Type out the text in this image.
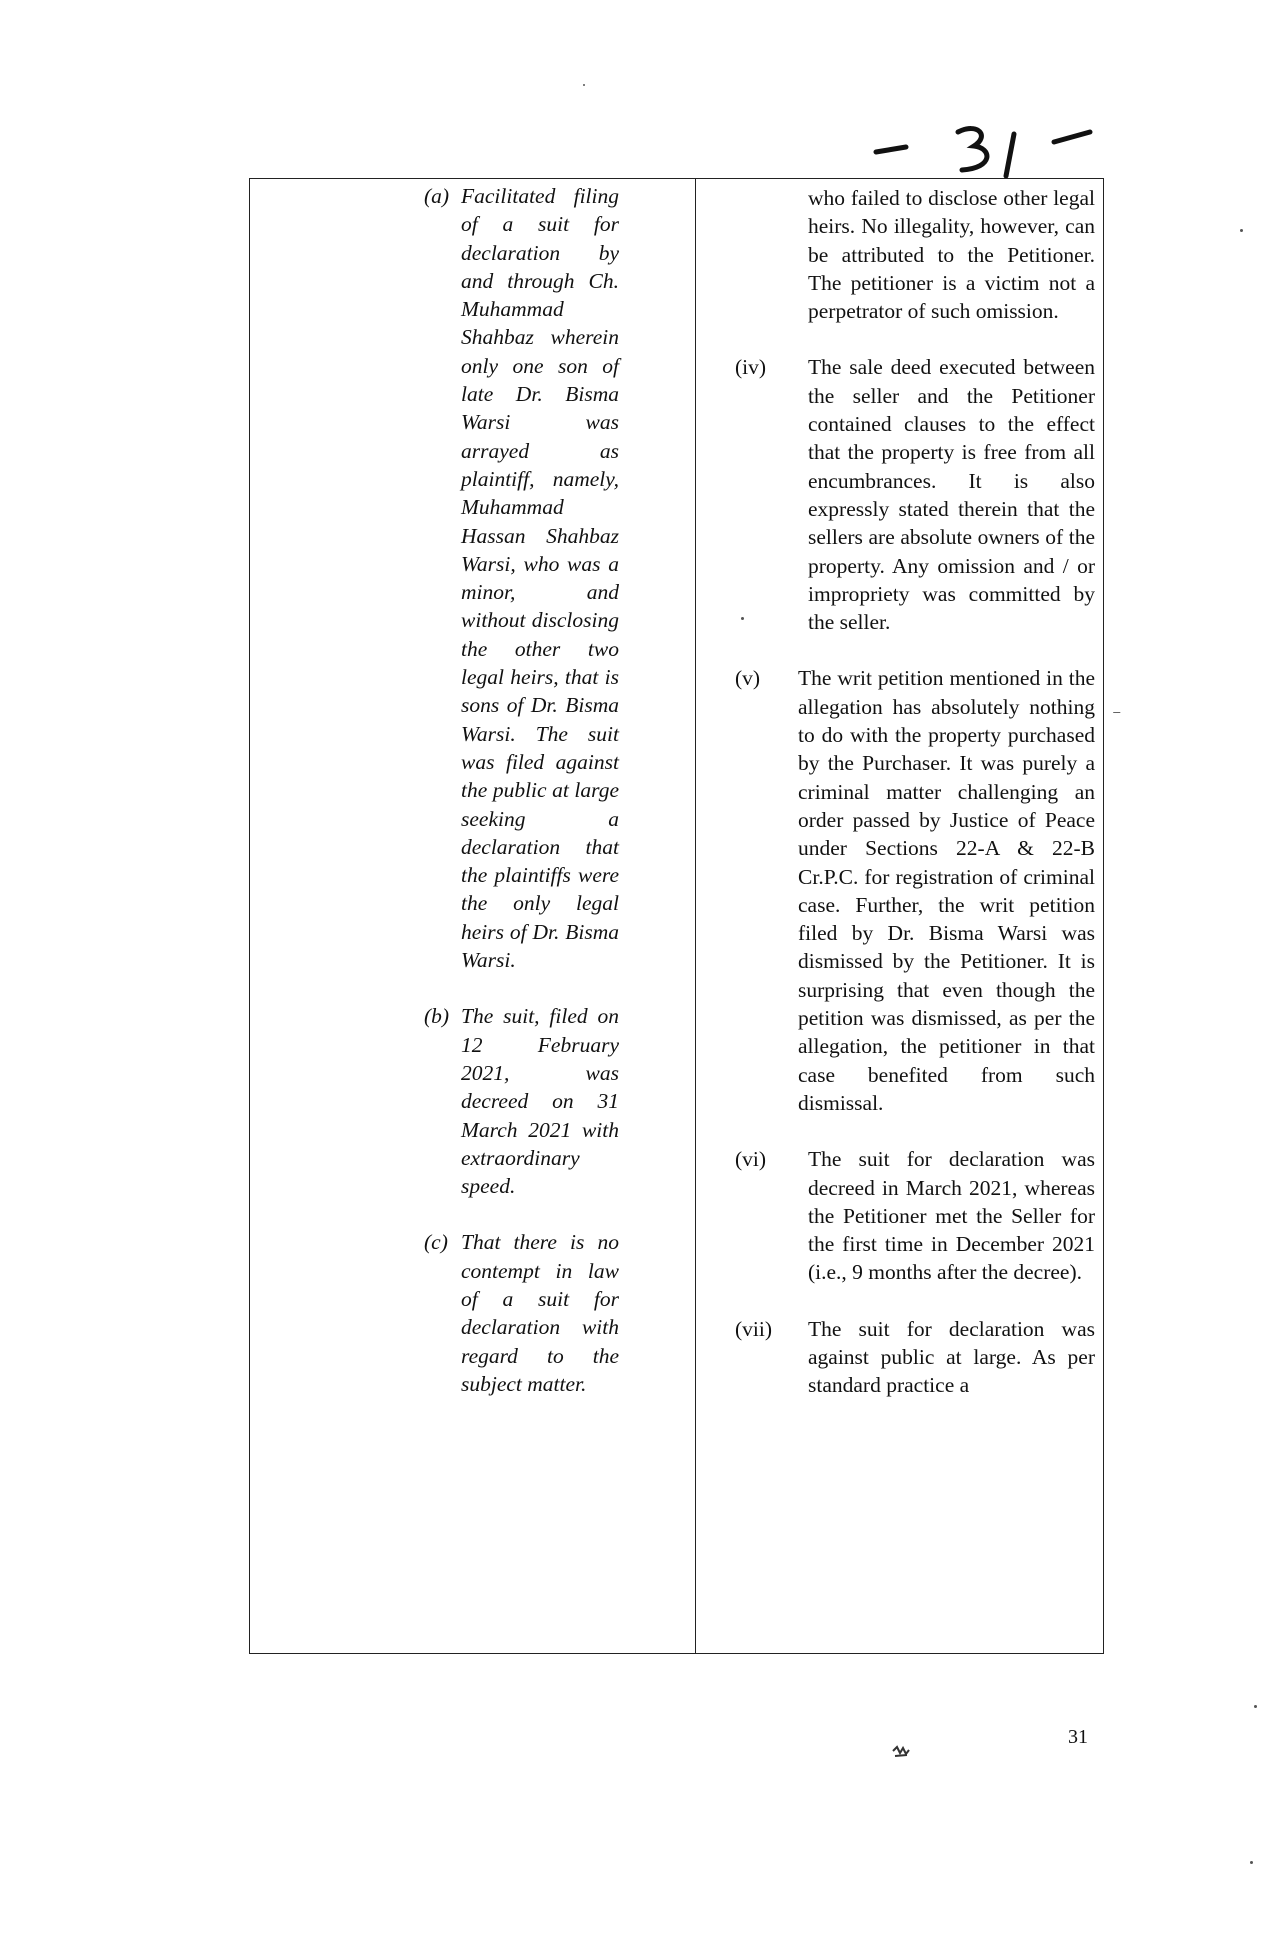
(a) Facilitated filing of a suit for declaration by and through Ch. Muhammad Shahbaz wherein only one son of late Dr. Bisma Warsi was arrayed as plaintiff, namely, Muhammad Hassan Shahbaz Warsi, who was a minor, and without disclosing the other two legal heirs, that is sons of Dr. Bisma Warsi. The suit was filed against the public at large seeking a declaration that the plaintiffs were the only legal heirs of Dr. Bisma Warsi.
(b) The suit, filed on 12 February 2021, was decreed on 31 March 2021 with extraordinary speed.
(c) That there is no contempt in law of a suit for declaration with regard to the subject matter.
who failed to disclose other legal heirs. No illegality, however, can be attributed to the Petitioner. The petitioner is a victim not a perpetrator of such omission.
(iv) The sale deed executed between the seller and the Petitioner contained clauses to the effect that the property is free from all encumbrances. It is also expressly stated therein that the sellers are absolute owners of the property. Any omission and / or impropriety was committed by the seller.
(v) The writ petition mentioned in the allegation has absolutely nothing to do with the property purchased by the Purchaser. It was purely a criminal matter challenging an order passed by Justice of Peace under Sections 22-A & 22-B Cr.P.C. for registration of criminal case. Further, the writ petition filed by Dr. Bisma Warsi was dismissed by the Petitioner. It is surprising that even though the petition was dismissed, as per the allegation, the petitioner in that case benefited from such dismissal.
(vi) The suit for declaration was decreed in March 2021, whereas the Petitioner met the Seller for the first time in December 2021 (i.e., 9 months after the decree).
(vii) The suit for declaration was against public at large. As per standard practice a
⁻
31
